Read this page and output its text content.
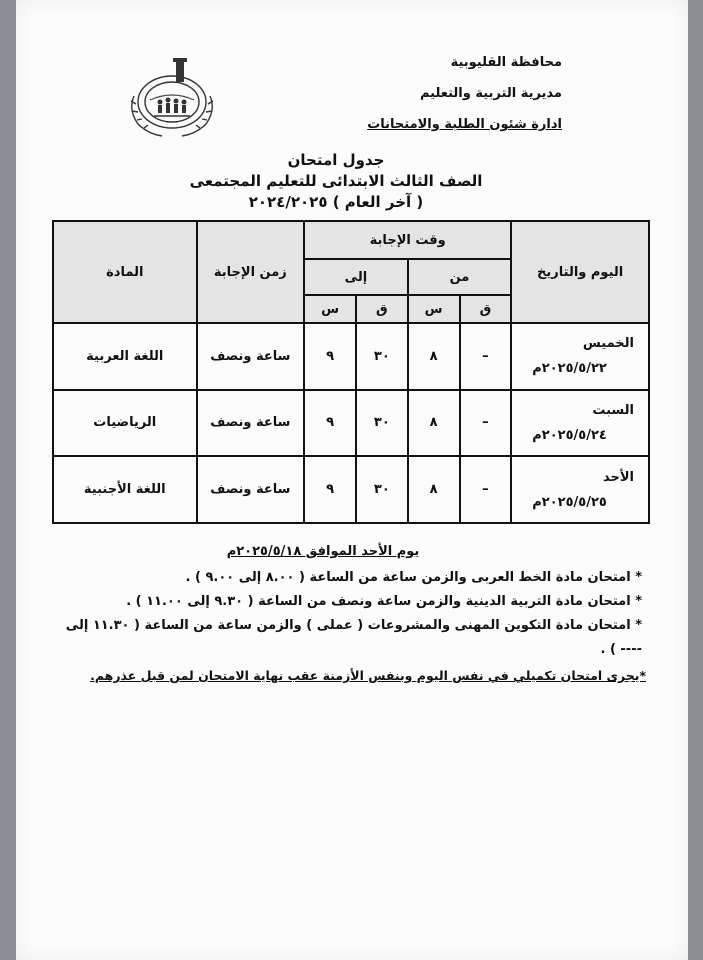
محافظة القليوبية
مديرية التربية والتعليم
ادارة شئون الطلبة والامتحانات
جدول امتحان
الصف الثالث الابتدائى للتعليم المجتمعى
( آخر العام ) ٢٠٢٤/٢٠٢٥
اليوم والتاريخ	وقت الإجابة				زمن الإجابة	المادة
	من		إلى			
	ق	س	ق	س		

الخميس
٢٠٢٥/٥/٢٢م	–	٨	٣٠	٩	ساعة ونصف	اللغة العربية

السبت
٢٠٢٥/٥/٢٤م	–	٨	٣٠	٩	ساعة ونصف	الرياضيات

الأحد
٢٠٢٥/٥/٢٥م	–	٨	٣٠	٩	ساعة ونصف	اللغة الأجنبية
يوم الأحد الموافق ٢٠٢٥/٥/١٨م
* امتحان مادة الخط العربى والزمن ساعة من الساعة ( ٨.٠٠ إلى ٩.٠٠ ) .
* امتحان مادة التربية الدينية والزمن ساعة ونصف من الساعة ( ٩.٣٠ إلى ١١.٠٠ ) .
* امتحان مادة التكوين المهنى والمشروعات ( عملى ) والزمن ساعة من الساعة ( ١١.٣٠ إلى ---- ) .
*يجرى امتحان تكميلي في نفس اليوم وبنفس الأزمنة عقب نهاية الامتحان لمن قبل عذرهم.
